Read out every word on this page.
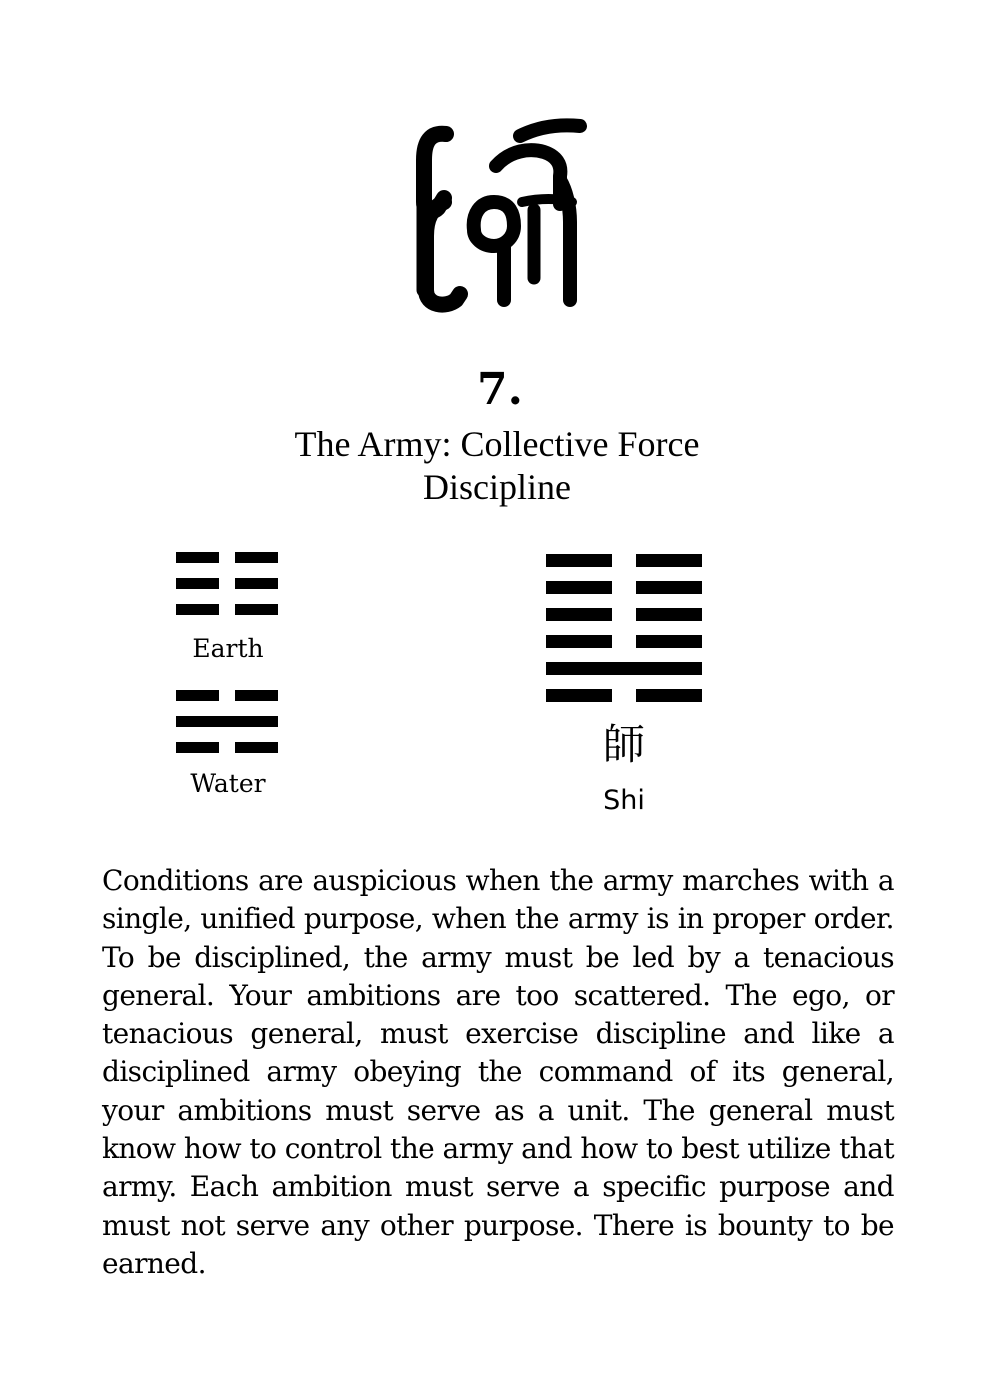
7.
The Army: Collective Force
Discipline
Earth
Water
師
Shi

Conditions are auspicious when the army marches with a single, unified purpose, when the army is in proper order. To be disciplined, the army must be led by a tenacious general. Your ambitions are too scattered. The ego, or tenacious general, must exercise discipline and like a disciplined army obeying the command of its general, your ambitions must serve as a unit. The general must know how to control the army and how to best utilize that army. Each ambition must serve a specific purpose and must not serve any other purpose. There is bounty to be earned.
